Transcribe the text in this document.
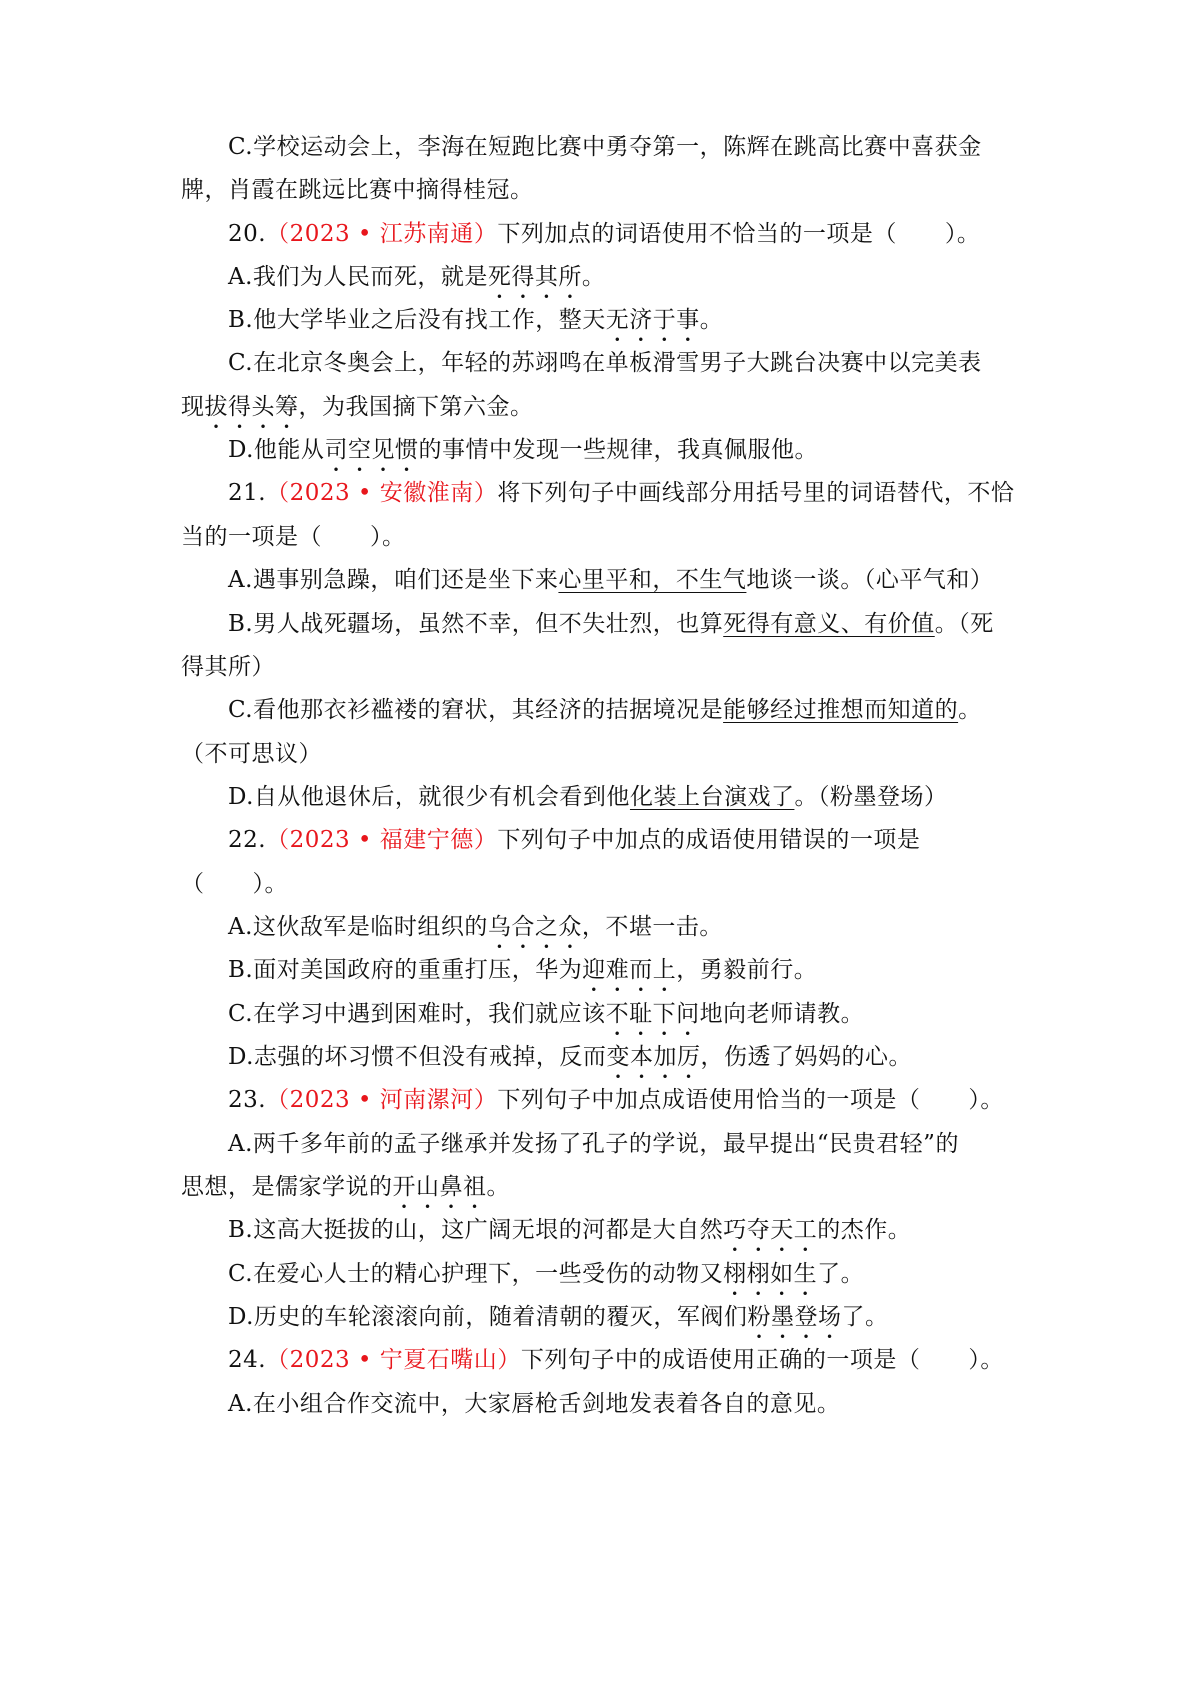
C.学校运动会上，李海在短跑比赛中勇夺第一，陈辉在跳高比赛中喜获金
牌，肖霞在跳远比赛中摘得桂冠。
20.（2023 • 江苏南通）下列加点的词语使用不恰当的一项是（ ）。
A.我们为人民而死，就是死得其所。
B.他大学毕业之后没有找工作，整天无济于事。
C.在北京冬奥会上，年轻的苏翊鸣在单板滑雪男子大跳台决赛中以完美表
现拔得头筹，为我国摘下第六金。
D.他能从司空见惯的事情中发现一些规律，我真佩服他。
21.（2023 • 安徽淮南）将下列句子中画线部分用括号里的词语替代，不恰
当的一项是（ ）。
A.遇事别急躁，咱们还是坐下来心里平和，不生气地谈一谈。（心平气和）
B.男人战死疆场，虽然不幸，但不失壮烈，也算死得有意义、有价值。（死
得其所）
C.看他那衣衫褴褛的窘状，其经济的拮据境况是能够经过推想而知道的。
（不可思议）
D.自从他退休后，就很少有机会看到他化装上台演戏了。（粉墨登场）
22.（2023 • 福建宁德）下列句子中加点的成语使用错误的一项是
（ ）。
A.这伙敌军是临时组织的乌合之众，不堪一击。
B.面对美国政府的重重打压，华为迎难而上，勇毅前行。
C.在学习中遇到困难时，我们就应该不耻下问地向老师请教。
D.志强的坏习惯不但没有戒掉，反而变本加厉，伤透了妈妈的心。
23.（2023 • 河南漯河）下列句子中加点成语使用恰当的一项是（ ）。
A.两千多年前的孟子继承并发扬了孔子的学说，最早提出“民贵君轻”的
思想，是儒家学说的开山鼻祖。
B.这高大挺拔的山，这广阔无垠的河都是大自然巧夺天工的杰作。
C.在爱心人士的精心护理下，一些受伤的动物又栩栩如生了。
D.历史的车轮滚滚向前，随着清朝的覆灭，军阀们粉墨登场了。
24.（2023 • 宁夏石嘴山）下列句子中的成语使用正确的一项是（ ）。
A.在小组合作交流中，大家唇枪舌剑地发表着各自的意见。
